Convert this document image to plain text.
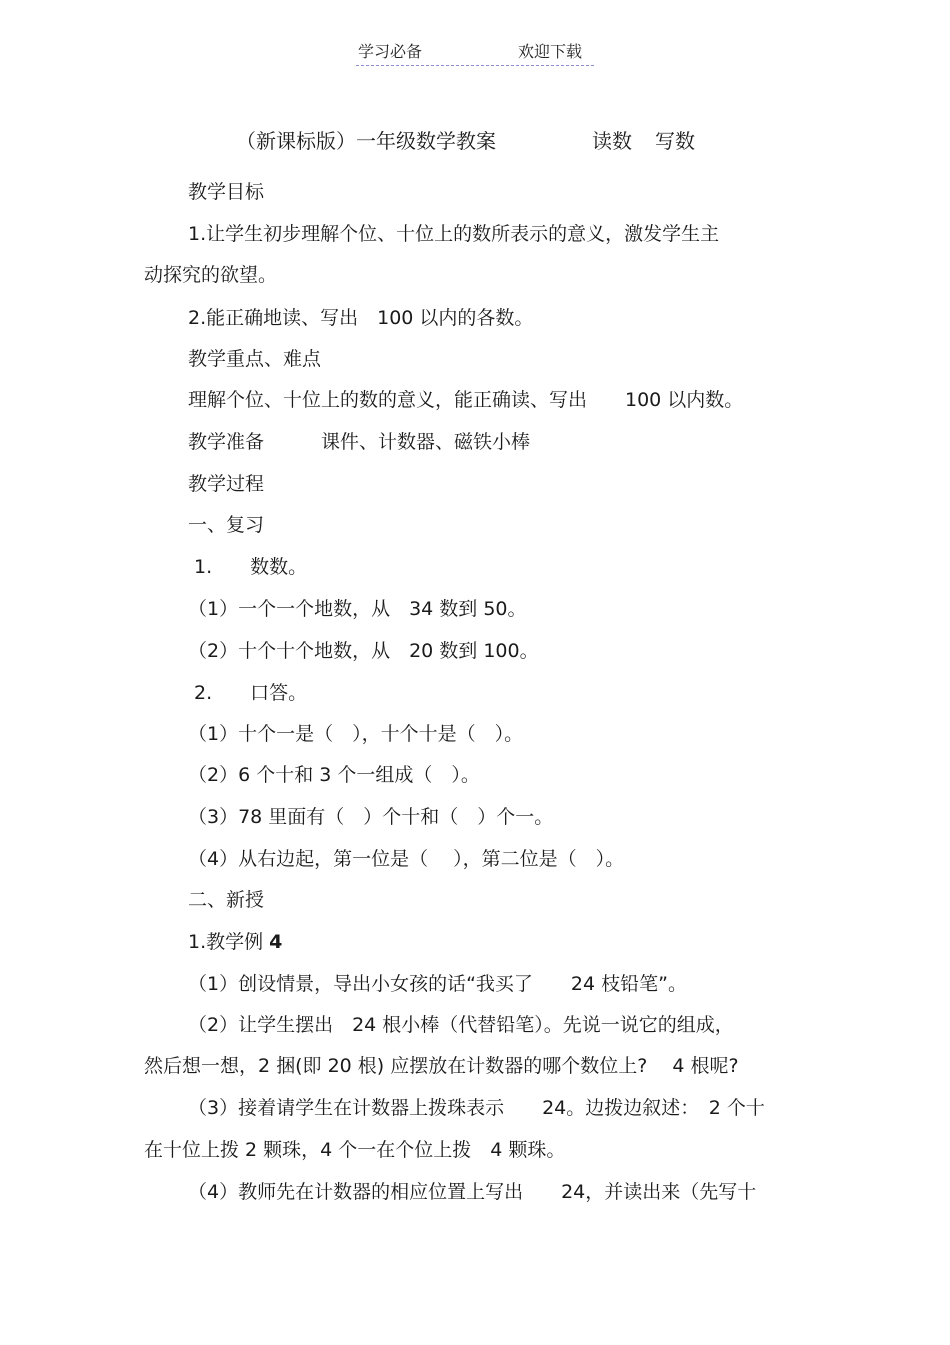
学习必备	欢迎下载
（新课标版）一年级数学教案	读数 写数
教学目标
1.让学生初步理解个位、十位上的数所表示的意义，激发学生主
动探究的欲望。
2.能正确地读、写出　100 以内的各数。
教学重点、难点
理解个位、十位上的数的意义，能正确读、写出　　100 以内数。
教学准备　　　课件、计数器、磁铁小棒
教学过程
一、复习
1.　　数数。
（1）一个一个地数，从　34 数到 50。
（2）十个十个地数，从　20 数到 100。
2.　　口答。
（1）十个一是（　），十个十是（　）。
（2）6 个十和 3 个一组成（　）。
（3）78 里面有（　）个十和（　）个一。
（4）从右边起，第一位是（　 ），第二位是（　）。
二、新授
1.教学例 4
（1）创设情景，导出小女孩的话“我买了　　24 枝铅笔”。
（2）让学生摆出　24 根小棒（代替铅笔）。先说一说它的组成，
然后想一想，2 捆(即 20 根) 应摆放在计数器的哪个数位上?　 4 根呢?
（3）接着请学生在计数器上拨珠表示　　24。边拨边叙述：　2 个十
在十位上拨 2 颗珠，4 个一在个位上拨　4 颗珠。
（4）教师先在计数器的相应位置上写出　　24，并读出来（先写十
